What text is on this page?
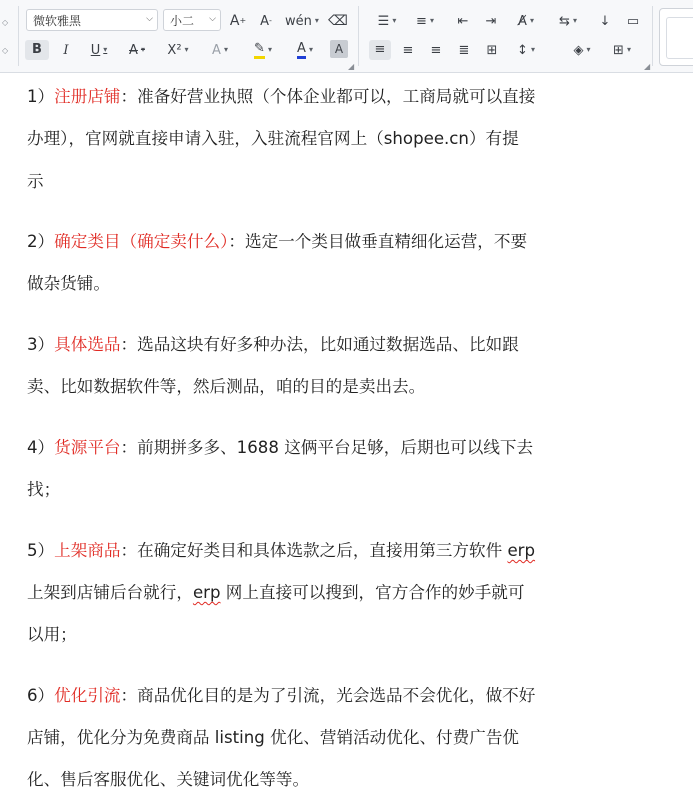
◇
◇
微软雅黑	⌵ 小二 ⌵ A + A - wén ▾ ⌫
B	I	U ▾	A ▾	X² ▾	A ▾ ✎ ▾ A ▾	A
◢
☰ ▾	≡ ▾	⇤	⇥	A̸ ▾	⇆ ▾	↓	▭
≡	≡	≡	≣	⊞	↕ ▾	◈ ▾	⊞ ▾
◢
1）注册店铺：准备好营业执照（个体企业都可以，工商局就可以直接
办理），官网就直接申请入驻，入驻流程官网上（shopee.cn）有提
示
2）确定类目（确定卖什么）：选定一个类目做垂直精细化运营，不要
做杂货铺。
3）具体选品：选品这块有好多种办法，比如通过数据选品、比如跟
卖、比如数据软件等，然后测品，咱的目的是卖出去。
4）货源平台：前期拼多多、1688 这俩平台足够，后期也可以线下去
找；
5）上架商品：在确定好类目和具体选款之后，直接用第三方软件 erp
上架到店铺后台就行，erp 网上直接可以搜到，官方合作的妙手就可
以用；
6）优化引流：商品优化目的是为了引流，光会选品不会优化，做不好
店铺，优化分为免费商品 listing 优化、营销活动优化、付费广告优
化、售后客服优化、关键词优化等等。
